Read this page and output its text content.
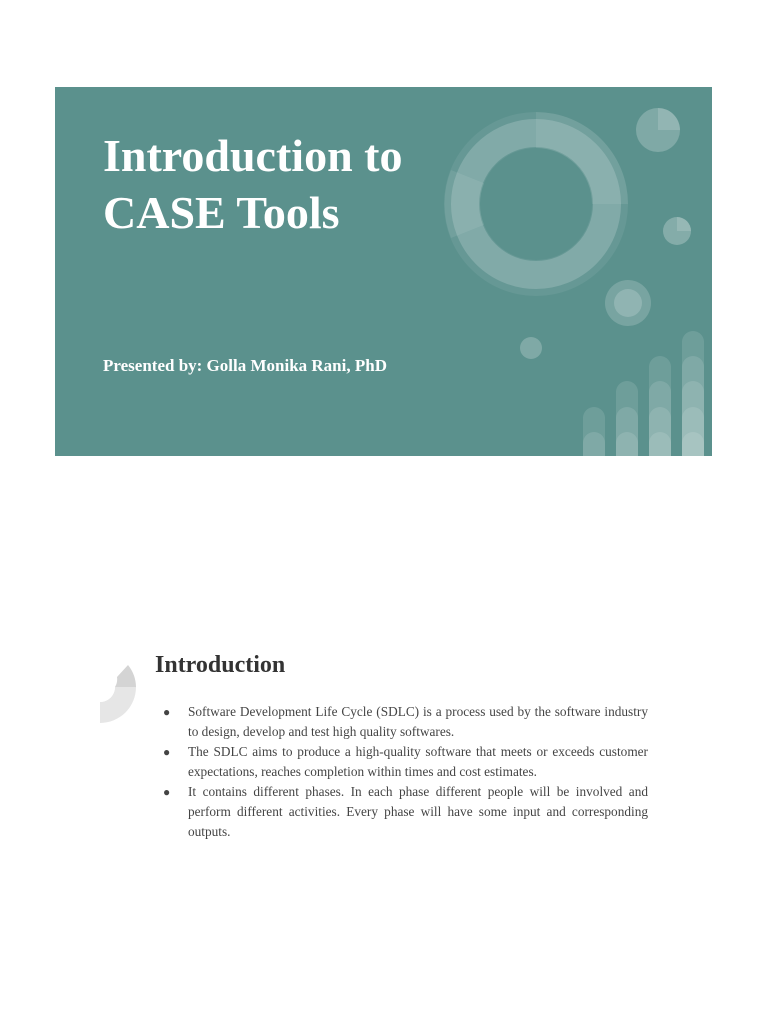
Introduction to CASE Tools

Presented by: Golla Monika Rani, PhD

Introduction
● Software Development Life Cycle (SDLC) is a process used by the software industry to design, develop and test high quality softwares.
● The SDLC aims to produce a high-quality software that meets or exceeds customer expectations, reaches completion within times and cost estimates.
● It contains different phases. In each phase different people will be involved and perform different activities. Every phase will have some input and corresponding outputs.
